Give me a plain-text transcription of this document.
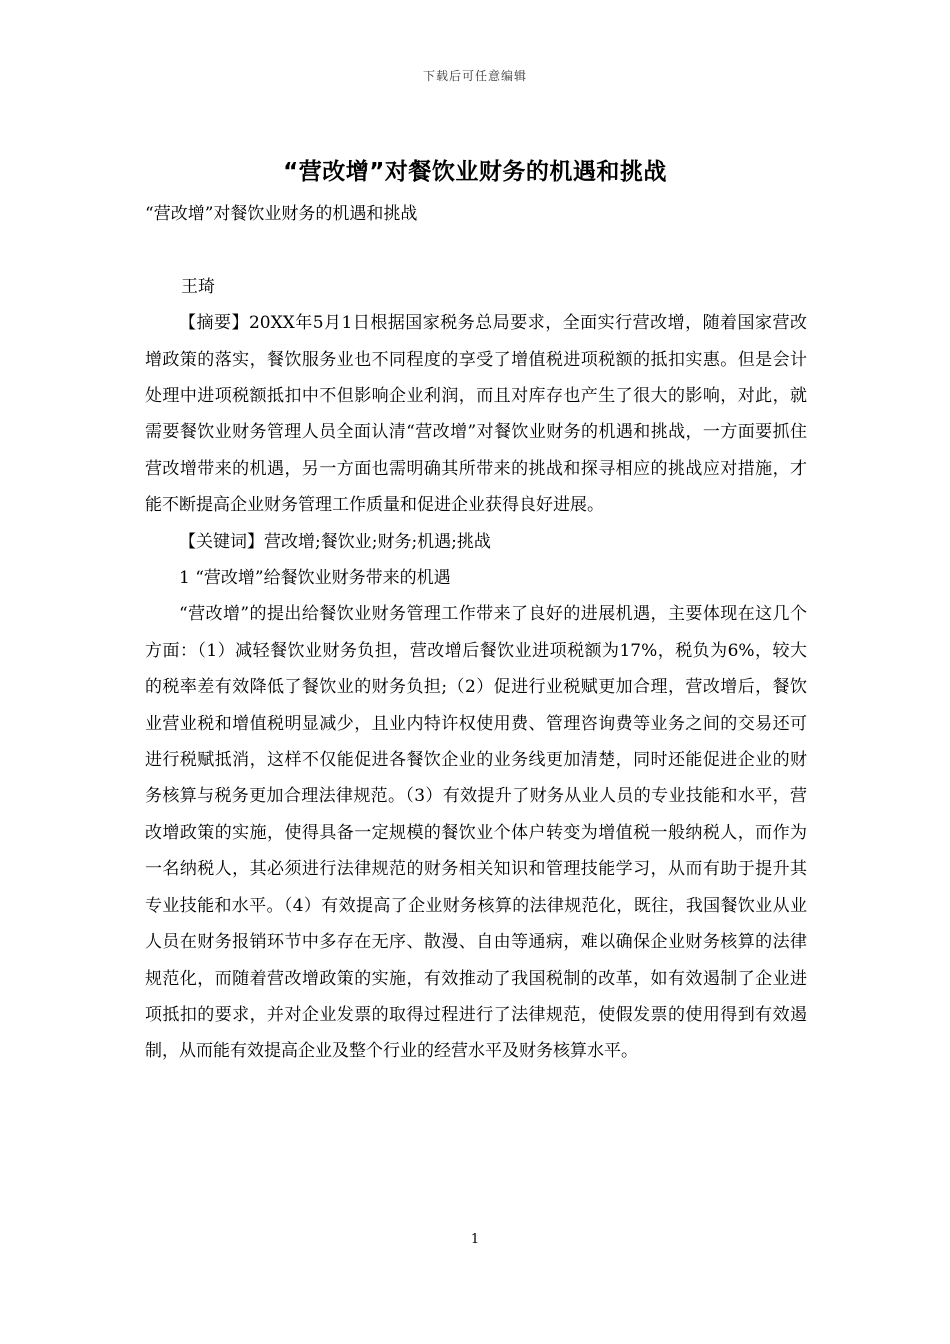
下载后可任意编辑
“营改增”对餐饮业财务的机遇和挑战

“营改增”对餐饮业财务的机遇和挑战

王琦

【摘要】20XX年5月1日根据国家税务总局要求，全面实行营改增，随着国家营改增政策的落实，餐饮服务业也不同程度的享受了增值税进项税额的抵扣实惠。但是会计处理中进项税额抵扣中不但影响企业利润，而且对库存也产生了很大的影响，对此，就需要餐饮业财务管理人员全面认清“营改增”对餐饮业财务的机遇和挑战，一方面要抓住营改增带来的机遇，另一方面也需明确其所带来的挑战和探寻相应的挑战应对措施，才能不断提高企业财务管理工作质量和促进企业获得良好进展。

【关键词】营改增;餐饮业;财务;机遇;挑战

1 “营改增”给餐饮业财务带来的机遇

“营改增”的提出给餐饮业财务管理工作带来了良好的进展机遇，主要体现在这几个方面：（1）减轻餐饮业财务负担，营改增后餐饮业进项税额为17%，税负为6%，较大的税率差有效降低了餐饮业的财务负担;（2）促进行业税赋更加合理，营改增后，餐饮业营业税和增值税明显减少，且业内特许权使用费、管理咨询费等业务之间的交易还可进行税赋抵消，这样不仅能促进各餐饮企业的业务线更加清楚，同时还能促进企业的财务核算与税务更加合理法律规范。（3）有效提升了财务从业人员的专业技能和水平，营改增政策的实施，使得具备一定规模的餐饮业个体户转变为增值税一般纳税人，而作为一名纳税人，其必须进行法律规范的财务相关知识和管理技能学习，从而有助于提升其专业技能和水平。（4）有效提高了企业财务核算的法律规范化，既往，我国餐饮业从业人员在财务报销环节中多存在无序、散漫、自由等通病，难以确保企业财务核算的法律规范化，而随着营改增政策的实施，有效推动了我国税制的改革，如有效遏制了企业进项抵扣的要求，并对企业发票的取得过程进行了法律规范，使假发票的使用得到有效遏制，从而能有效提高企业及整个行业的经营水平及财务核算水平。

1
